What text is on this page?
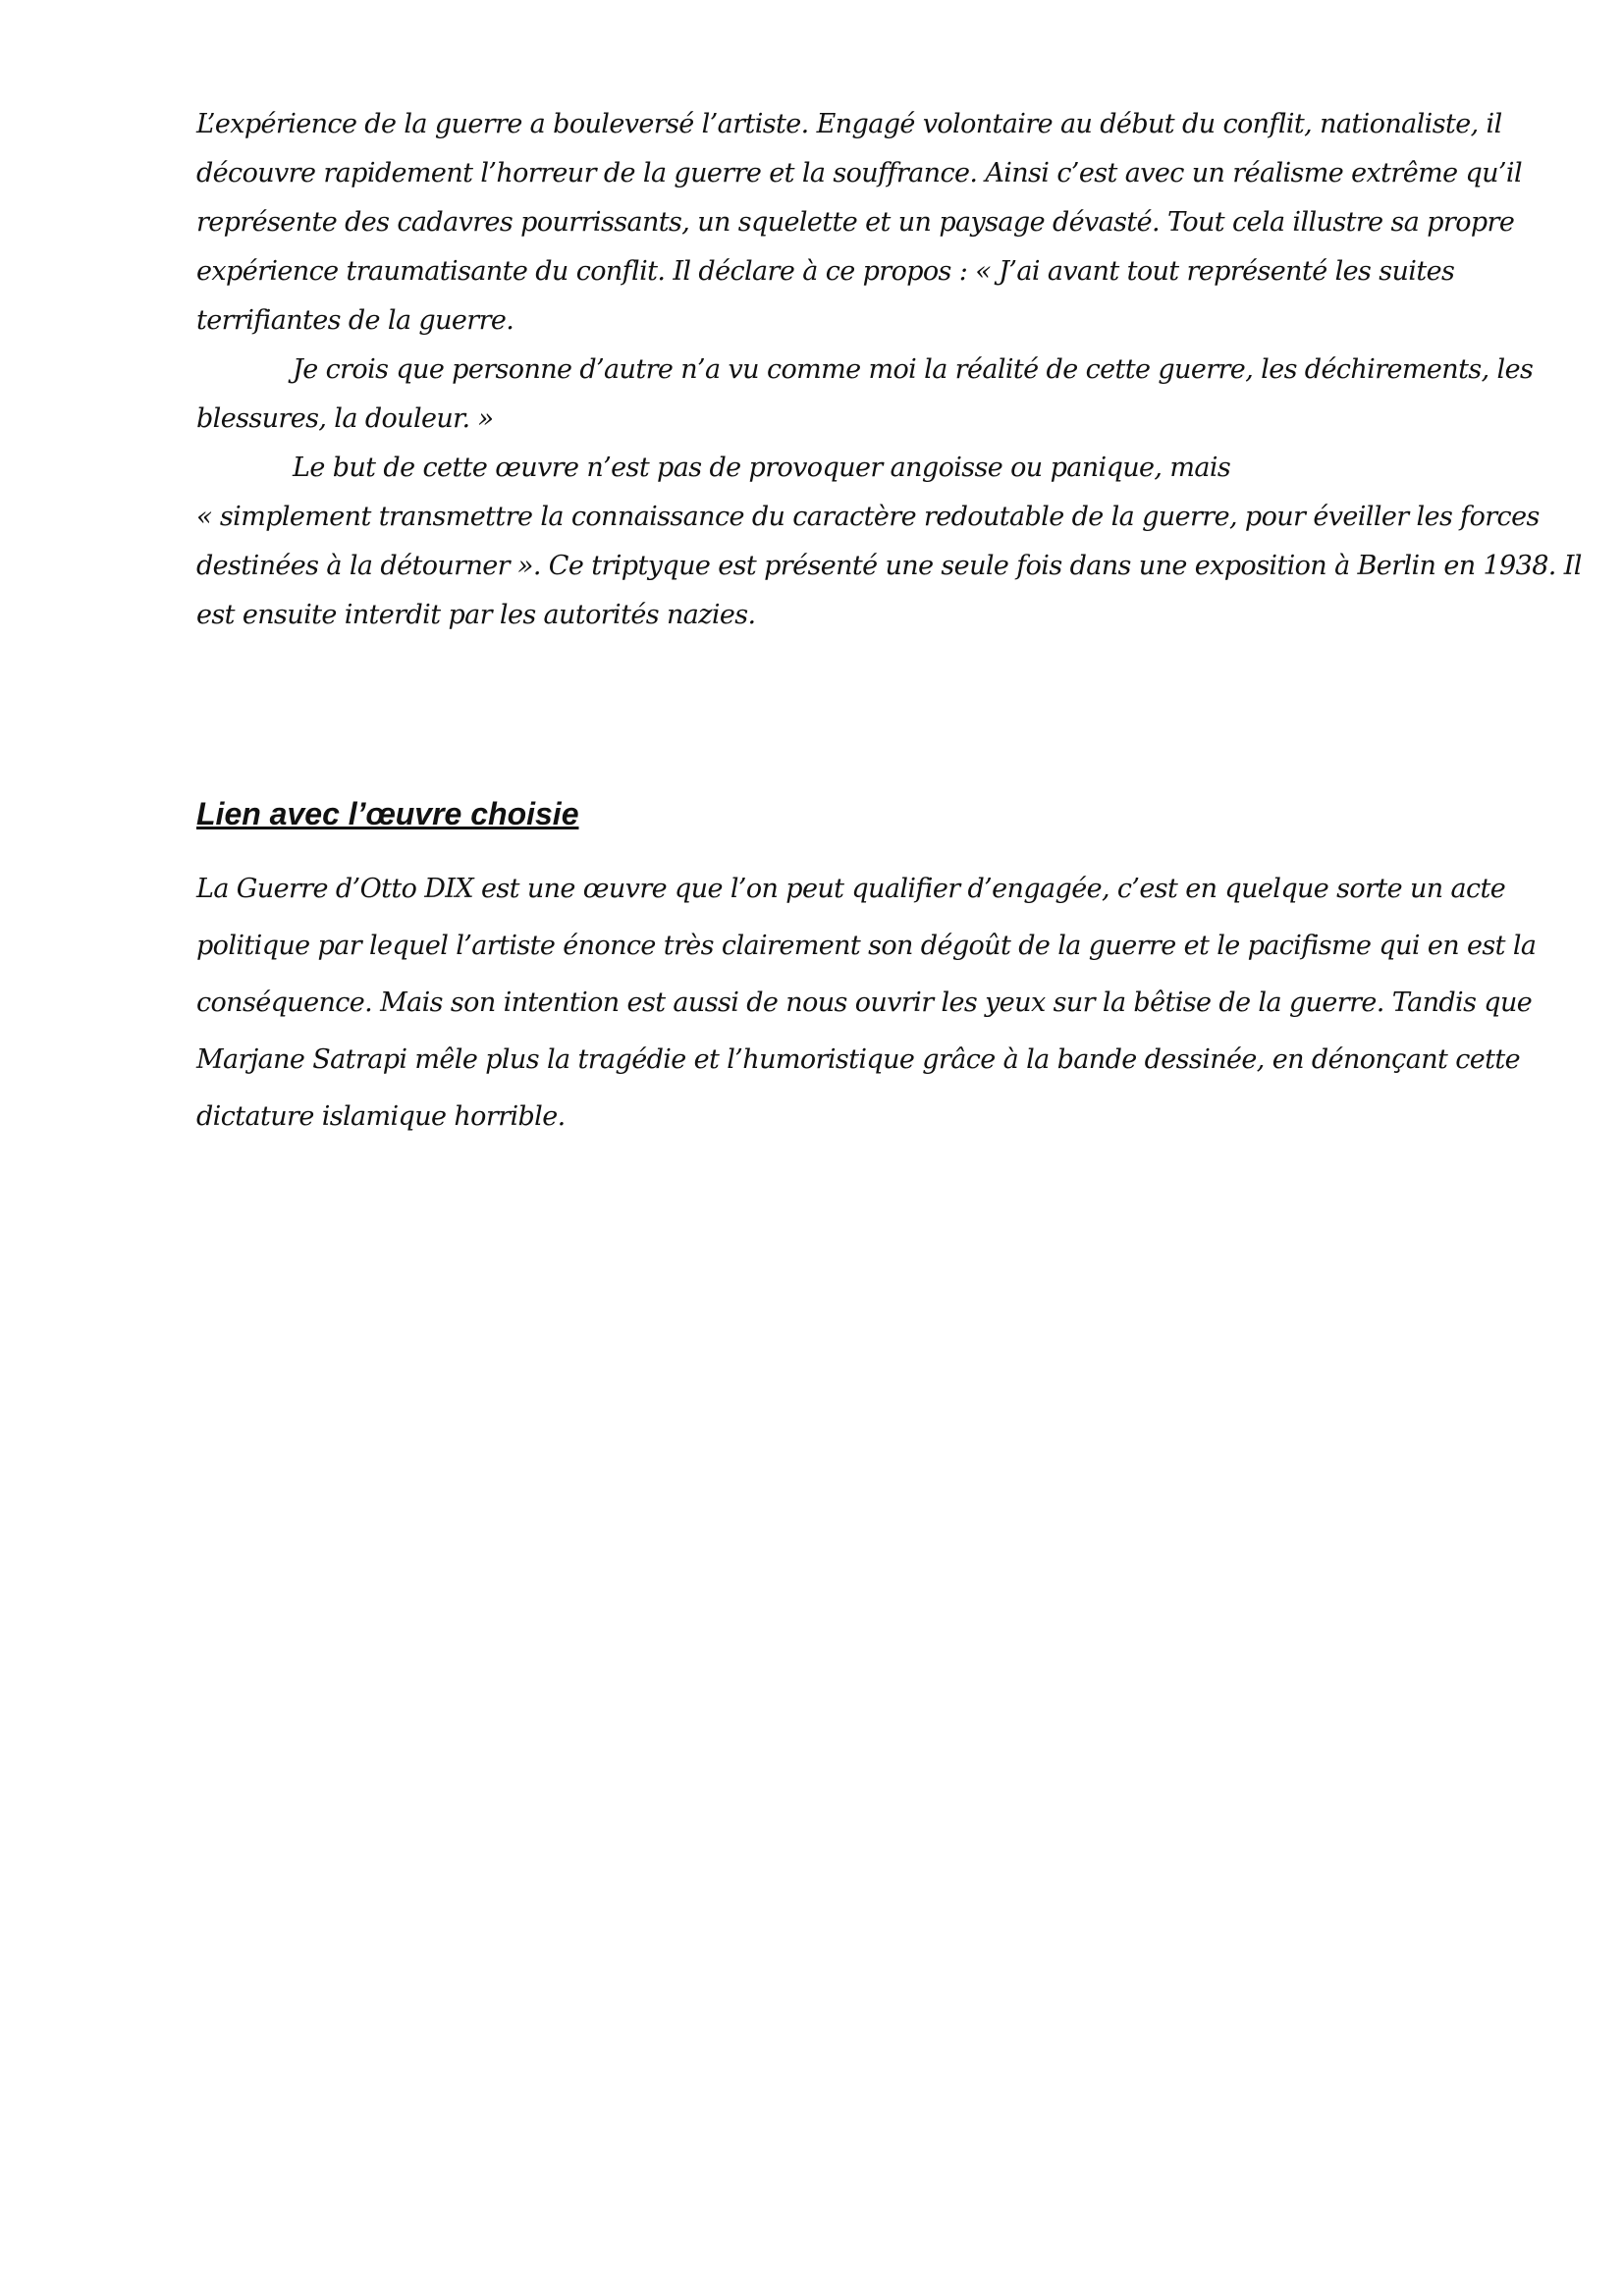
L’expérience de la guerre a bouleversé l’artiste. Engagé volontaire au début du conflit, nationaliste, il

découvre rapidement l’horreur de la guerre et la souffrance. Ainsi c’est avec un réalisme extrême qu’il

représente des cadavres pourrissants, un squelette et un paysage dévasté. Tout cela illustre sa propre

expérience traumatisante du conflit. Il déclare à ce propos : « J’ai avant tout représenté les suites

terrifiantes de la guerre.

Je crois que personne d’autre n’a vu comme moi la réalité de cette guerre, les déchirements, les

blessures, la douleur. »

Le but de cette œuvre n’est pas de provoquer angoisse ou panique, mais

« simplement transmettre la connaissance du caractère redoutable de la guerre, pour éveiller les forces

destinées à la détourner ». Ce triptyque est présenté une seule fois dans une exposition à Berlin en 1938. Il

est ensuite interdit par les autorités nazies.

Lien avec l’œuvre choisie

La Guerre d’Otto DIX est une œuvre que l’on peut qualifier d’engagée, c’est en quelque sorte un acte

politique par lequel l’artiste énonce très clairement son dégoût de la guerre et le pacifisme qui en est la

conséquence. Mais son intention est aussi de nous ouvrir les yeux sur la bêtise de la guerre. Tandis que

Marjane Satrapi mêle plus la tragédie et l’humoristique grâce à la bande dessinée, en dénonçant cette

dictature islamique horrible.
